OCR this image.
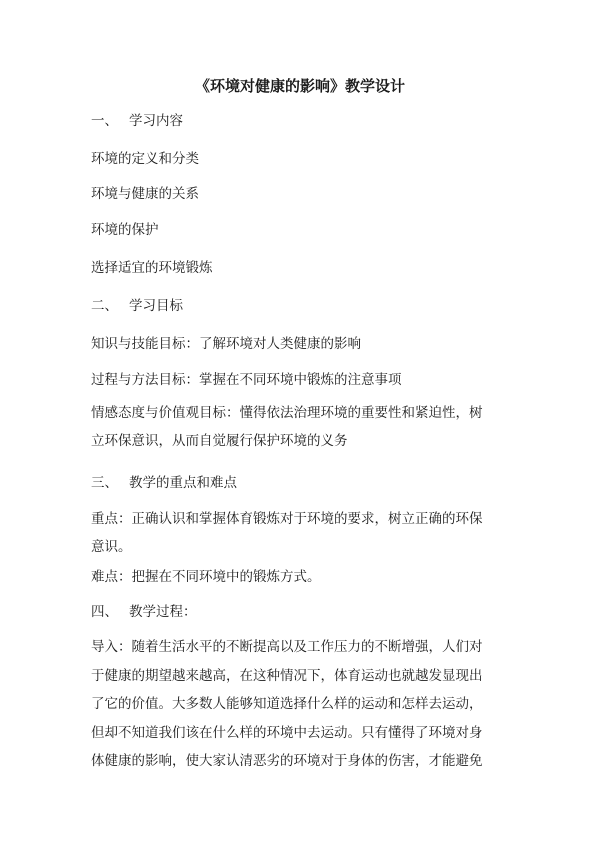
《环境对健康的影响》教学设计

一、 学习内容

环境的定义和分类

环境与健康的关系

环境的保护

选择适宜的环境锻炼

二、 学习目标

知识与技能目标：了解环境对人类健康的影响

过程与方法目标：掌握在不同环境中锻炼的注意事项

情感态度与价值观目标：懂得依法治理环境的重要性和紧迫性，树
立环保意识，从而自觉履行保护环境的义务

三、 教学的重点和难点

重点：正确认识和掌握体育锻炼对于环境的要求，树立正确的环保
意识。

难点：把握在不同环境中的锻炼方式。

四、 教学过程：

导入：随着生活水平的不断提高以及工作压力的不断增强，人们对
于健康的期望越来越高，在这种情况下，体育运动也就越发显现出
了它的价值。大多数人能够知道选择什么样的运动和怎样去运动，
但却不知道我们该在什么样的环境中去运动。只有懂得了环境对身
体健康的影响，使大家认清恶劣的环境对于身体的伤害，才能避免
